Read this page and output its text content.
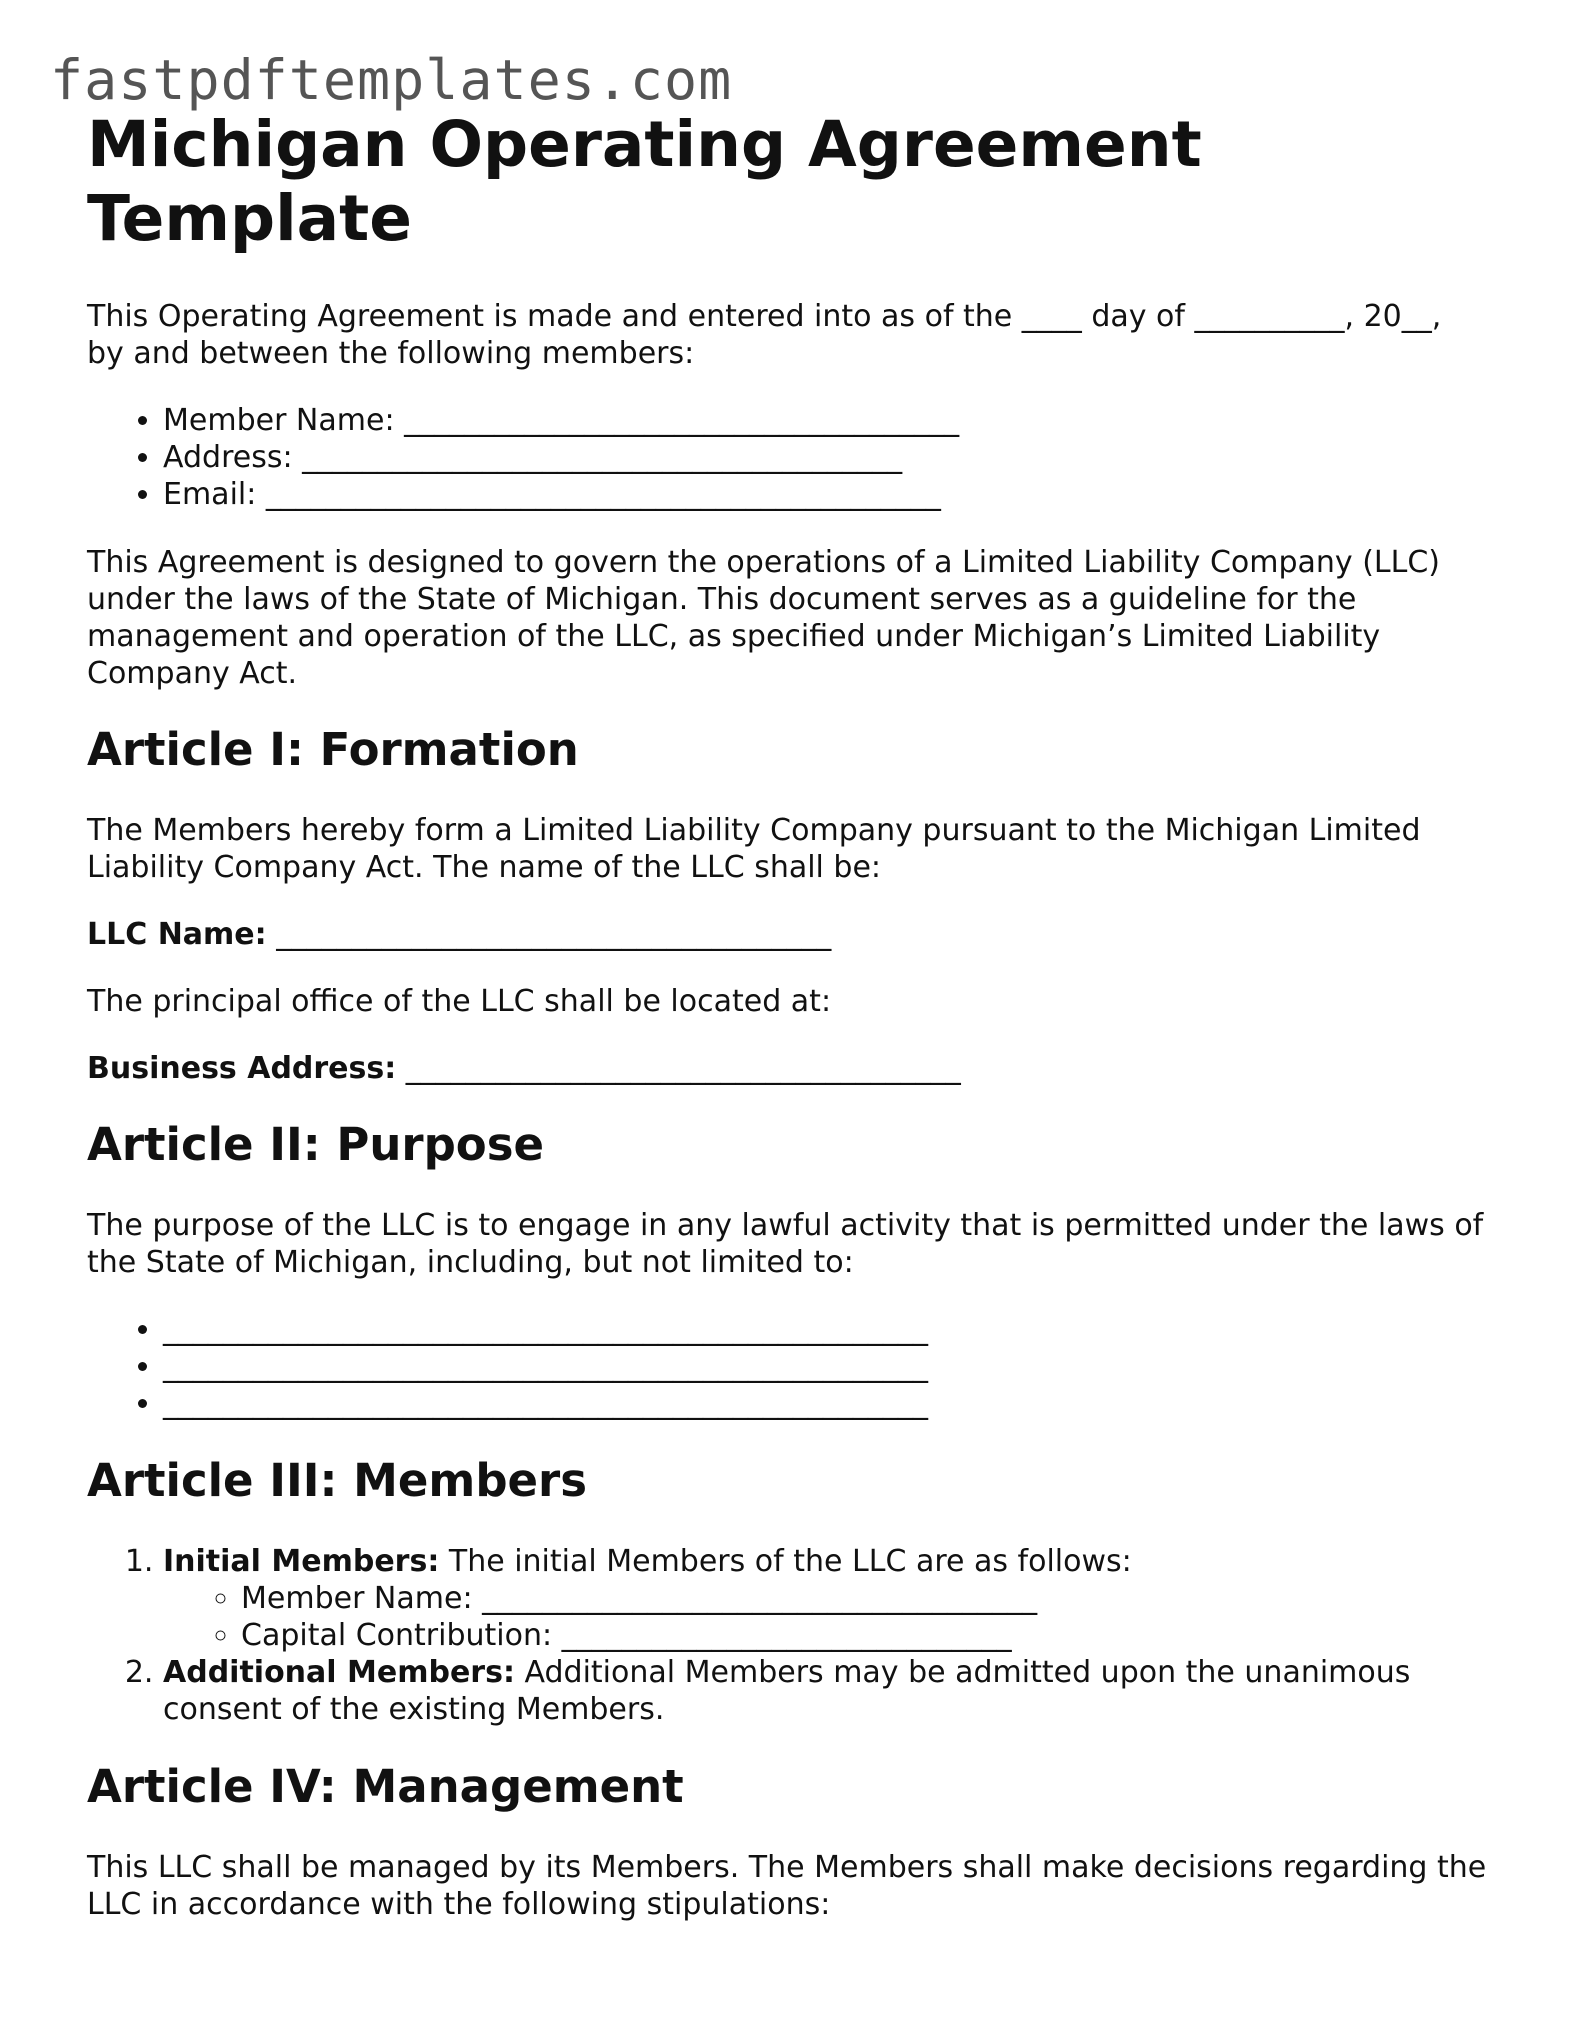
fastpdftemplates.com
Michigan Operating Agreement Template

This Operating Agreement is made and entered into as of the ____ day of __________, 20__, by and between the following members:

• Member Name: _____________________________________
• Address: ________________________________________
• Email: _____________________________________________

This Agreement is designed to govern the operations of a Limited Liability Company (LLC) under the laws of the State of Michigan. This document serves as a guideline for the management and operation of the LLC, as specified under Michigan’s Limited Liability Company Act.

Article I: Formation

The Members hereby form a Limited Liability Company pursuant to the Michigan Limited Liability Company Act. The name of the LLC shall be:

LLC Name: _____________________________________

The principal office of the LLC shall be located at:

Business Address: _____________________________________

Article II: Purpose

The purpose of the LLC is to engage in any lawful activity that is permitted under the laws of the State of Michigan, including, but not limited to:

• ___________________________________________________
• ___________________________________________________
• ___________________________________________________
Article III: Members
1. Initial Members: The initial Members of the LLC are as follows:
◦ Member Name: _____________________________________
◦ Capital Contribution: ______________________________
2. Additional Members: Additional Members may be admitted upon the unanimous consent of the existing Members.
Article IV: Management

This LLC shall be managed by its Members. The Members shall make decisions regarding the LLC in accordance with the following stipulations:
